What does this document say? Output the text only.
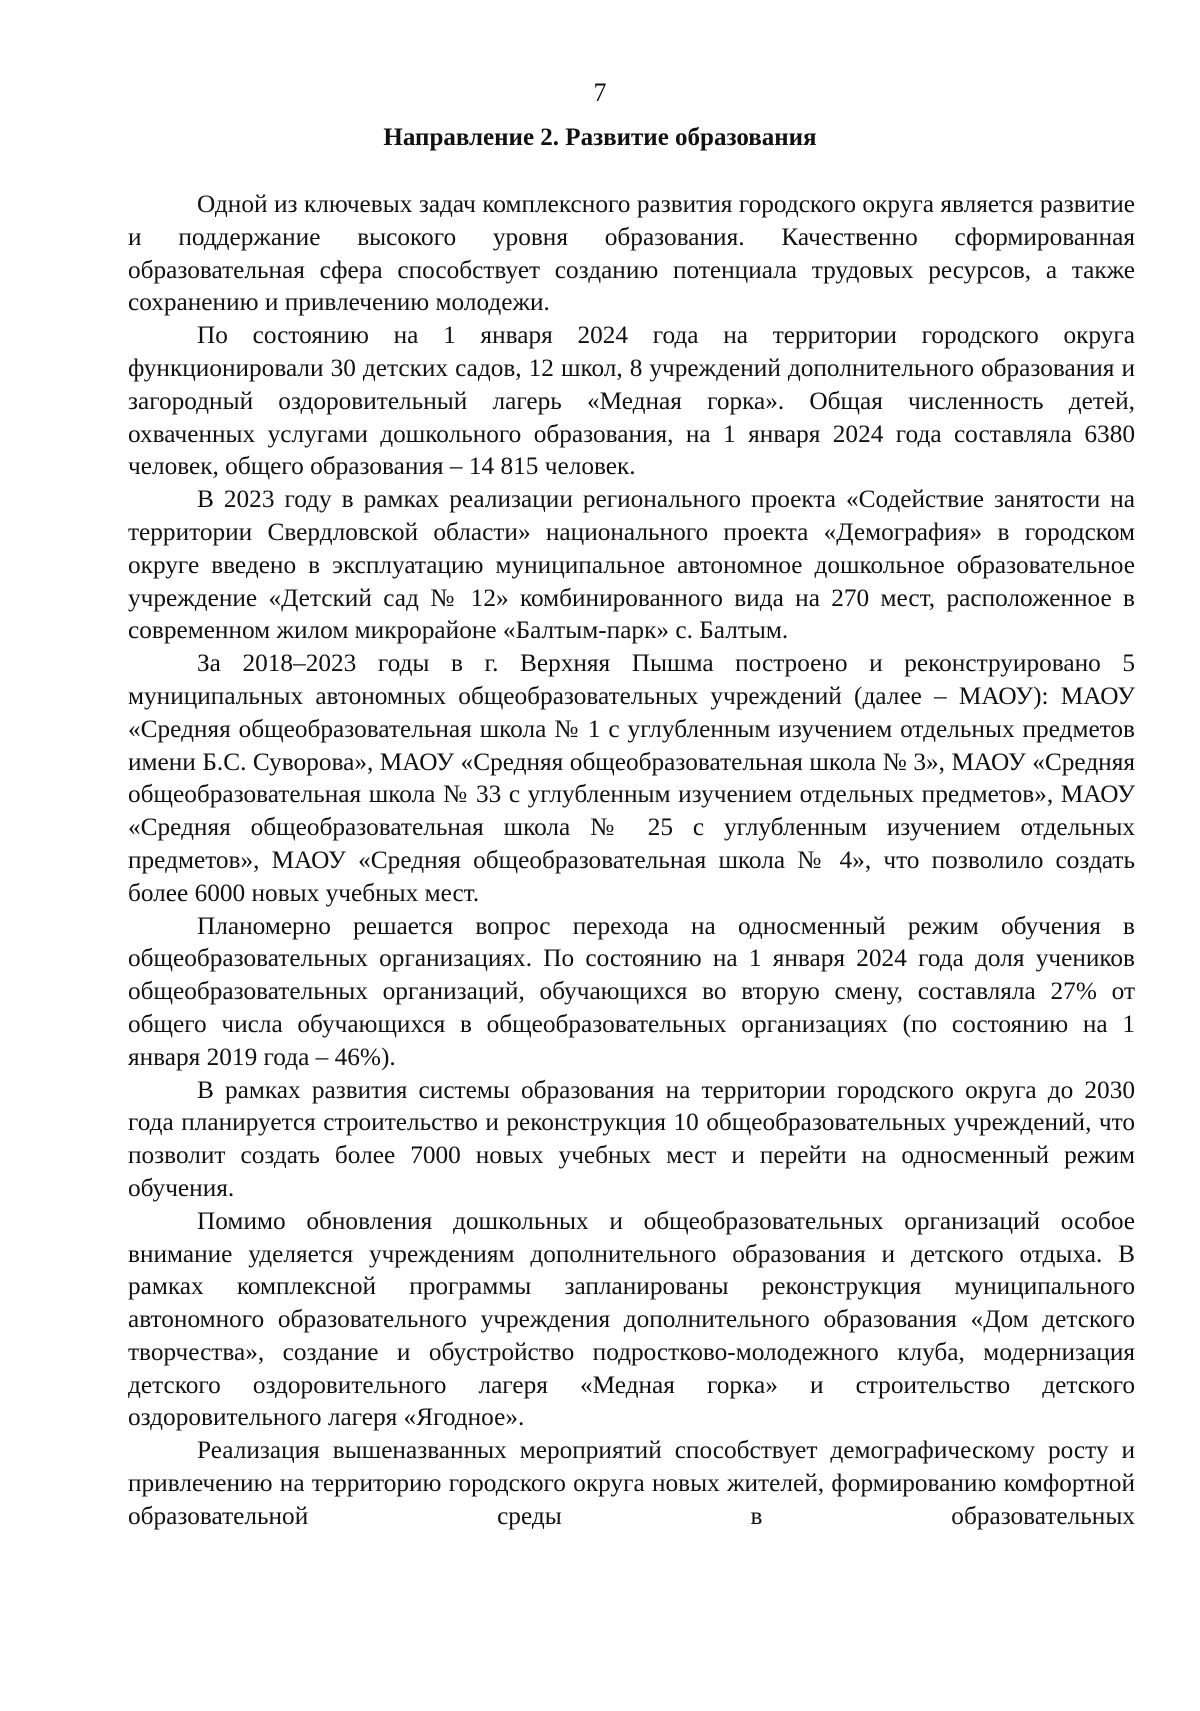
7
Направление 2. Развитие образования

Одной из ключевых задач комплексного развития городского округа является развитие и поддержание высокого уровня образования. Качественно сформированная образовательная сфера способствует созданию потенциала трудовых ресурсов, а также сохранению и привлечению молодежи.

По состоянию на 1 января 2024 года на территории городского округа функционировали 30 детских садов, 12 школ, 8 учреждений дополнительного образования и загородный оздоровительный лагерь «Медная горка». Общая численность детей, охваченных услугами дошкольного образования, на 1 января 2024 года составляла 6380 человек, общего образования – 14 815 человек.

В 2023 году в рамках реализации регионального проекта «Содействие занятости на территории Свердловской области» национального проекта «Демография» в городском округе введено в эксплуатацию муниципальное автономное дошкольное образовательное учреждение «Детский сад № 12» комбинированного вида на 270 мест, расположенное в современном жилом микрорайоне «Балтым-парк» с. Балтым.

За 2018–2023 годы в г. Верхняя Пышма построено и реконструировано 5 муниципальных автономных общеобразовательных учреждений (далее – МАОУ): МАОУ «Средняя общеобразовательная школа № 1 с углубленным изучением отдельных предметов имени Б.С. Суворова», МАОУ «Средняя общеобразовательная школа № 3», МАОУ «Средняя общеобразовательная школа № 33 с углубленным изучением отдельных предметов», МАОУ «Средняя общеобразовательная школа № 25 с углубленным изучением отдельных предметов», МАОУ «Средняя общеобразовательная школа № 4», что позволило создать более 6000 новых учебных мест.

Планомерно решается вопрос перехода на односменный режим обучения в общеобразовательных организациях. По состоянию на 1 января 2024 года доля учеников общеобразовательных организаций, обучающихся во вторую смену, составляла 27% от общего числа обучающихся в общеобразовательных организациях (по состоянию на 1 января 2019 года – 46%).

В рамках развития системы образования на территории городского округа до 2030 года планируется строительство и реконструкция 10 общеобразовательных учреждений, что позволит создать более 7000 новых учебных мест и перейти на односменный режим обучения.

Помимо обновления дошкольных и общеобразовательных организаций особое внимание уделяется учреждениям дополнительного образования и детского отдыха. В рамках комплексной программы запланированы реконструкция муниципального автономного образовательного учреждения дополнительного образования «Дом детского творчества», создание и обустройство подростково-молодежного клуба, модернизация детского оздоровительного лагеря «Медная горка» и строительство детского оздоровительного лагеря «Ягодное».

Реализация вышеназванных мероприятий способствует демографическому росту и привлечению на территорию городского округа новых жителей, формированию комфортной образовательной среды в образовательных
